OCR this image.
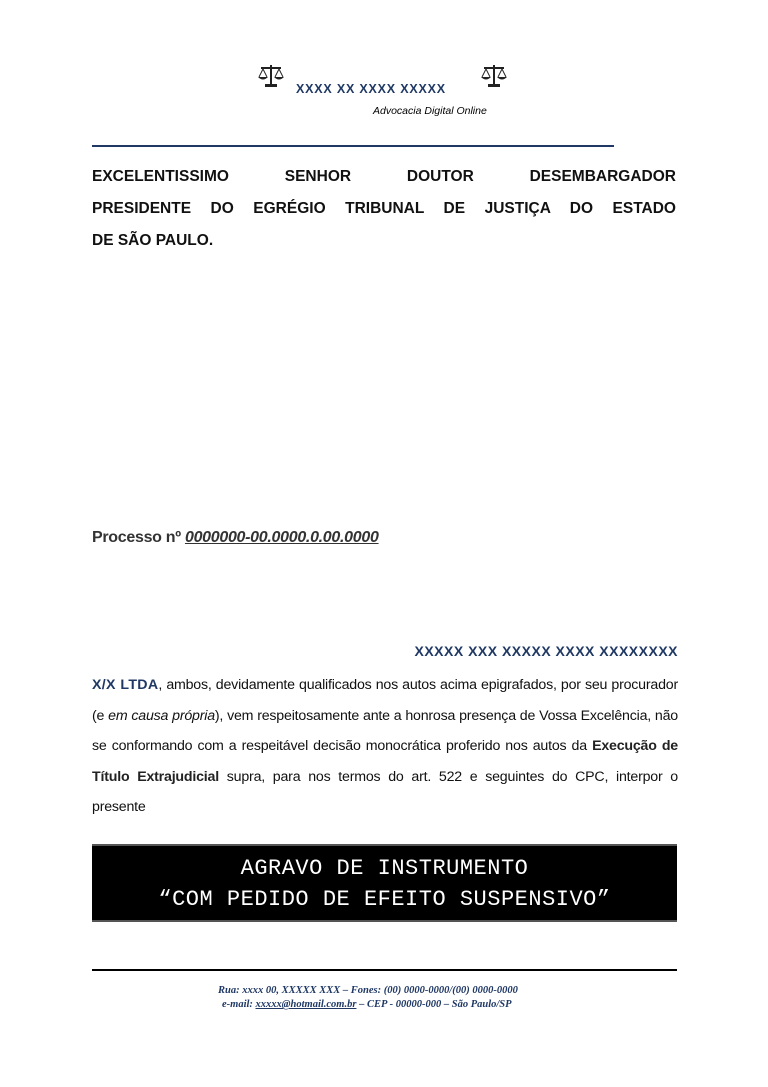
XXXX XX XXXX XXXXX
Advocacia Digital Online
EXCELENTISSIMO	SENHOR	DOUTOR	DESEMBARGADOR
PRESIDENTE DO EGRÉGIO TRIBUNAL DE JUSTIÇA DO ESTADO
DE SÃO PAULO.
Processo nº 0000000-00.0000.0.00.0000
XXXXX XXX XXXXX XXXX XXXXXXXX
X/X LTDA, ambos, devidamente qualificados nos autos acima epigrafados, por seu procurador (e em causa própria), vem respeitosamente ante a honrosa presença de Vossa Excelência, não se conformando com a respeitável decisão monocrática proferido nos autos da Execução de Título Extrajudicial supra, para nos termos do art. 522 e seguintes do CPC, interpor o presente
AGRAVO DE INSTRUMENTO
“COM PEDIDO DE EFEITO SUSPENSIVO”
Rua: xxxx 00, XXXXX XXX – Fones: (00) 0000-0000/(00) 0000-0000
e-mail: xxxxx@hotmail.com.br – CEP - 00000-000 – São Paulo/SP
